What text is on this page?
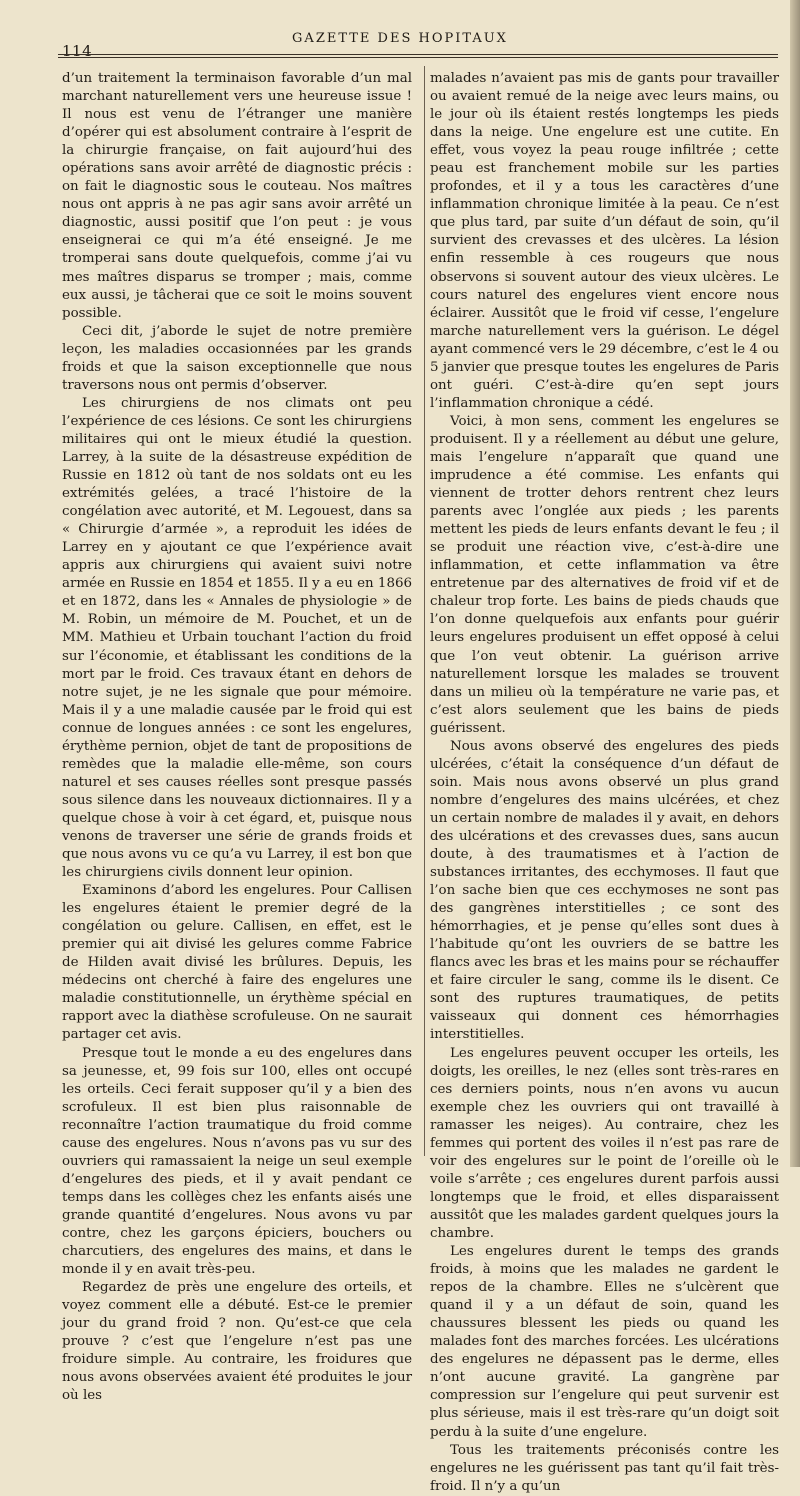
114
GAZETTE DES HOPITAUX

d’un traitement la terminaison favorable d’un mal marchant naturellement vers une heureuse issue ! Il nous est venu de l’étranger une manière d’opérer qui est absolument contraire à l’esprit de la chirurgie française, on fait aujourd’hui des opérations sans avoir arrêté de diagnostic précis : on fait le diagnostic sous le couteau. Nos maîtres nous ont appris à ne pas agir sans avoir arrêté un diagnostic, aussi positif que l’on peut : je vous enseignerai ce qui m’a été enseigné. Je me tromperai sans doute quelquefois, comme j’ai vu mes maîtres disparus se tromper ; mais, comme eux aussi, je tâcherai que ce soit le moins souvent possible.

Ceci dit, j’aborde le sujet de notre première leçon, les maladies occasionnées par les grands froids et que la saison exceptionnelle que nous traversons nous ont permis d’observer.

Les chirurgiens de nos climats ont peu l’expérience de ces lésions. Ce sont les chirurgiens militaires qui ont le mieux étudié la question. Larrey, à la suite de la désastreuse expédition de Russie en 1812 où tant de nos soldats ont eu les extrémités gelées, a tracé l’histoire de la congélation avec autorité, et M. Legouest, dans sa « Chirurgie d’armée », a reproduit les idées de Larrey en y ajoutant ce que l’expérience avait appris aux chirurgiens qui avaient suivi notre armée en Russie en 1854 et 1855. Il y a eu en 1866 et en 1872, dans les « Annales de physiologie » de M. Robin, un mémoire de M. Pouchet, et un de MM. Mathieu et Urbain touchant l’action du froid sur l’économie, et établissant les conditions de la mort par le froid. Ces travaux étant en dehors de notre sujet, je ne les signale que pour mémoire. Mais il y a une maladie causée par le froid qui est connue de longues années : ce sont les engelures, érythème pernion, objet de tant de propositions de remèdes que la maladie elle-même, son cours naturel et ses causes réelles sont presque passés sous silence dans les nouveaux dictionnaires. Il y a quelque chose à voir à cet égard, et, puisque nous venons de traverser une série de grands froids et que nous avons vu ce qu’a vu Larrey, il est bon que les chirurgiens civils donnent leur opinion.

Examinons d’abord les engelures. Pour Callisen les engelures étaient le premier degré de la congélation ou gelure. Callisen, en effet, est le premier qui ait divisé les gelures comme Fabrice de Hilden avait divisé les brûlures. Depuis, les médecins ont cherché à faire des engelures une maladie constitutionnelle, un érythème spécial en rapport avec la diathèse scrofuleuse. On ne saurait partager cet avis.

Presque tout le monde a eu des engelures dans sa jeunesse, et, 99 fois sur 100, elles ont occupé les orteils. Ceci ferait supposer qu’il y a bien des scrofuleux. Il est bien plus raisonnable de reconnaître l’action traumatique du froid comme cause des engelures. Nous n’avons pas vu sur des ouvriers qui ramassaient la neige un seul exemple d’engelures des pieds, et il y avait pendant ce temps dans les collèges chez les enfants aisés une grande quantité d’engelures. Nous avons vu par contre, chez les garçons épiciers, bouchers ou charcutiers, des engelures des mains, et dans le monde il y en avait très-peu.

Regardez de près une engelure des orteils, et voyez comment elle a débuté. Est-ce le premier jour du grand froid ? non. Qu’est-ce que cela prouve ? c’est que l’engelure n’est pas une froidure simple. Au contraire, les froidures que nous avons observées avaient été produites le jour où les

malades n’avaient pas mis de gants pour travailler ou avaient remué de la neige avec leurs mains, ou le jour où ils étaient restés longtemps les pieds dans la neige. Une engelure est une cutite. En effet, vous voyez la peau rouge infiltrée ; cette peau est franchement mobile sur les parties profondes, et il y a tous les caractères d’une inflammation chronique limitée à la peau. Ce n’est que plus tard, par suite d’un défaut de soin, qu’il survient des crevasses et des ulcères. La lésion enfin ressemble à ces rougeurs que nous observons si souvent autour des vieux ulcères. Le cours naturel des engelures vient encore nous éclairer. Aussitôt que le froid vif cesse, l’engelure marche naturellement vers la guérison. Le dégel ayant commencé vers le 29 décembre, c’est le 4 ou 5 janvier que presque toutes les engelures de Paris ont guéri. C’est-à-dire qu’en sept jours l’inflammation chronique a cédé.

Voici, à mon sens, comment les engelures se produisent. Il y a réellement au début une gelure, mais l’engelure n’apparaît que quand une imprudence a été commise. Les enfants qui viennent de trotter dehors rentrent chez leurs parents avec l’onglée aux pieds ; les parents mettent les pieds de leurs enfants devant le feu ; il se produit une réaction vive, c’est-à-dire une inflammation, et cette inflammation va être entretenue par des alternatives de froid vif et de chaleur trop forte. Les bains de pieds chauds que l’on donne quelquefois aux enfants pour guérir leurs engelures produisent un effet opposé à celui que l’on veut obtenir. La guérison arrive naturellement lorsque les malades se trouvent dans un milieu où la température ne varie pas, et c’est alors seulement que les bains de pieds guérissent.

Nous avons observé des engelures des pieds ulcérées, c’était la conséquence d’un défaut de soin. Mais nous avons observé un plus grand nombre d’engelures des mains ulcérées, et chez un certain nombre de malades il y avait, en dehors des ulcérations et des crevasses dues, sans aucun doute, à des traumatismes et à l’action de substances irritantes, des ecchymoses. Il faut que l’on sache bien que ces ecchymoses ne sont pas des gangrènes interstitielles ; ce sont des hémorrhagies, et je pense qu’elles sont dues à l’habitude qu’ont les ouvriers de se battre les flancs avec les bras et les mains pour se réchauffer et faire circuler le sang, comme ils le disent. Ce sont des ruptures traumatiques, de petits vaisseaux qui donnent ces hémorrhagies interstitielles.

Les engelures peuvent occuper les orteils, les doigts, les oreilles, le nez (elles sont très-rares en ces derniers points, nous n’en avons vu aucun exemple chez les ouvriers qui ont travaillé à ramasser les neiges). Au contraire, chez les femmes qui portent des voiles il n’est pas rare de voir des engelures sur le point de l’oreille où le voile s’arrête ; ces engelures durent parfois aussi longtemps que le froid, et elles disparaissent aussitôt que les malades gardent quelques jours la chambre.

Les engelures durent le temps des grands froids, à moins que les malades ne gardent le repos de la chambre. Elles ne s’ulcèrent que quand il y a un défaut de soin, quand les chaussures blessent les pieds ou quand les malades font des marches forcées. Les ulcérations des engelures ne dépassent pas le derme, elles n’ont aucune gravité. La gangrène par compression sur l’engelure qui peut survenir est plus sérieuse, mais il est très-rare qu’un doigt soit perdu à la suite d’une engelure.

Tous les traitements préconisés contre les engelures ne les guérissent pas tant qu’il fait très-froid. Il n’y a qu’un
